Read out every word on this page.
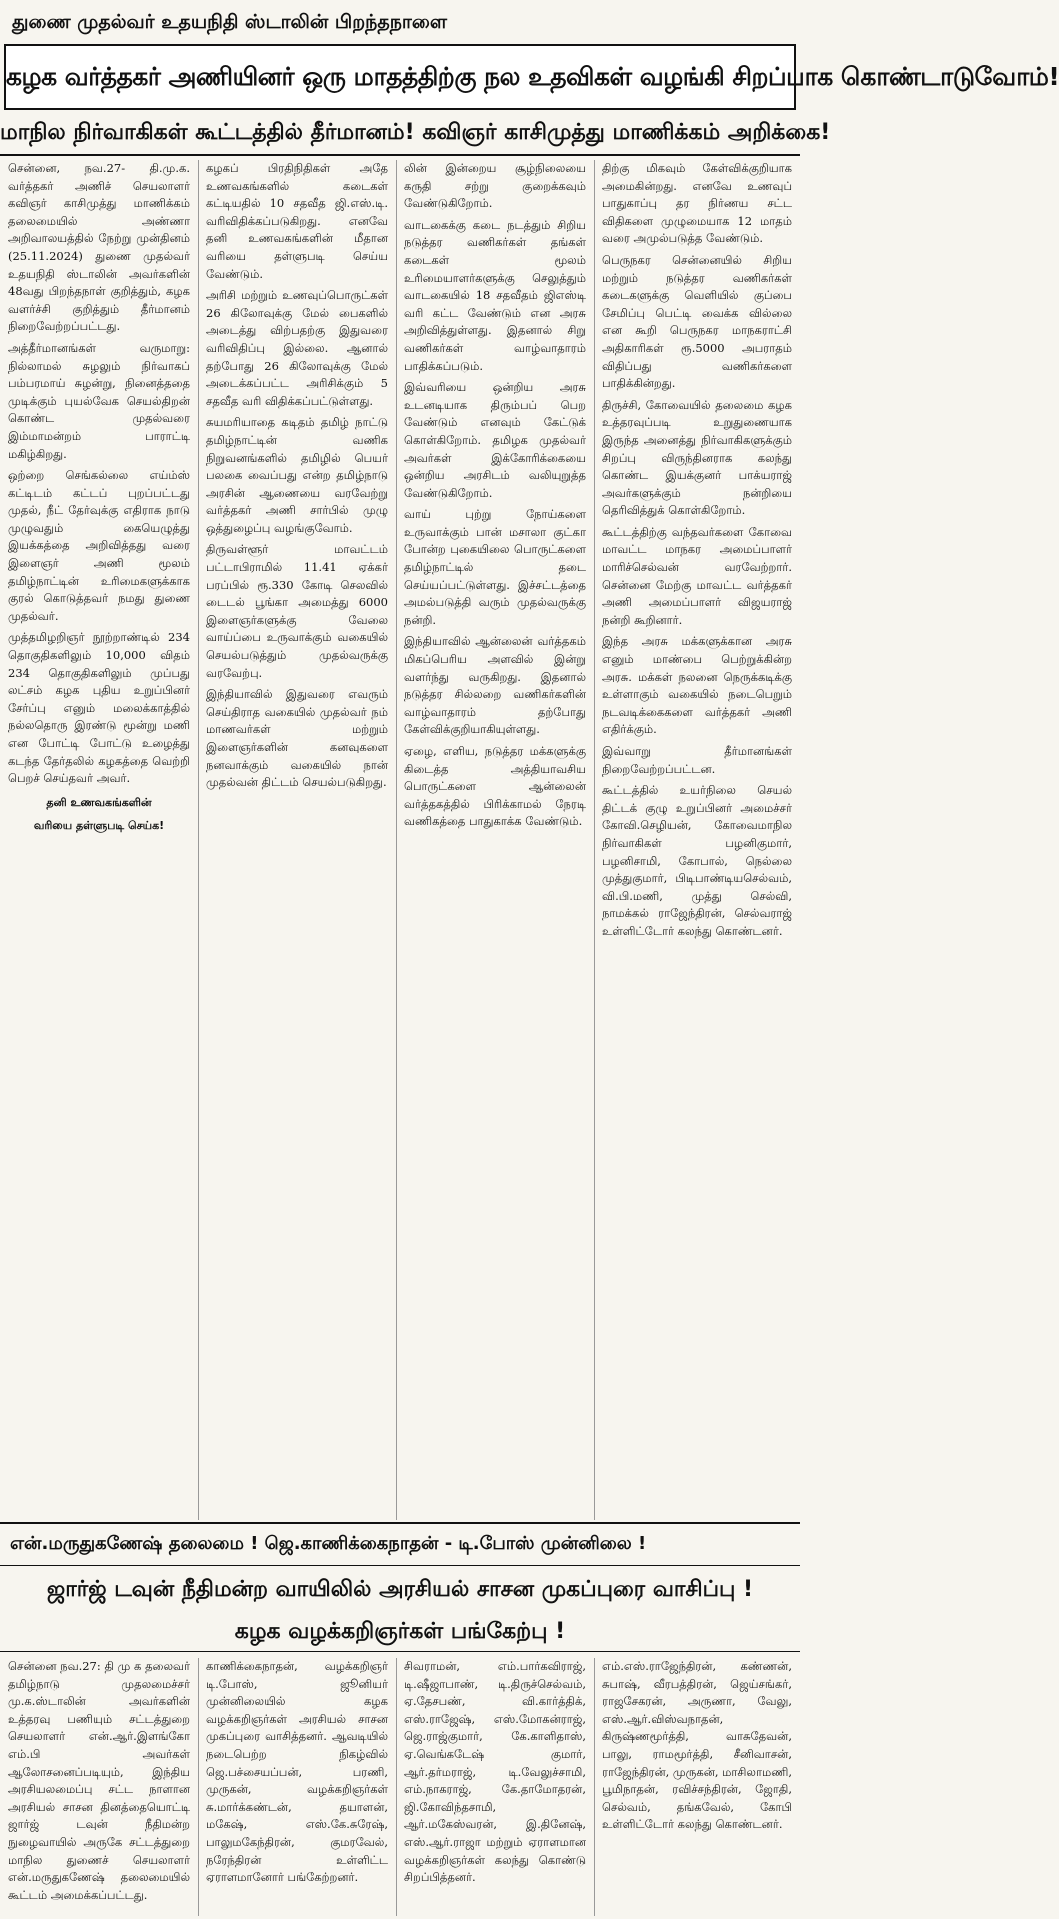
துணை முதல்வர் உதயநிதி ஸ்டாலின் பிறந்தநாளை
கழக வர்த்தகர் அணியினர் ஒரு மாதத்திற்கு நல உதவிகள் வழங்கி சிறப்பாக கொண்டாடுவோம்!
மாநில நிர்வாகிகள் கூட்டத்தில் தீர்மானம்! கவிஞர் காசிமுத்து மாணிக்கம் அறிக்கை!

சென்னை, நவ.27- தி.மு.க. வர்த்தகர் அணிச் செயலாளர் கவிஞர் காசிமுத்து மாணிக்கம் தலைமையில் அண்ணா அறிவாலயத்தில் நேற்று முன்தினம் (25.11.2024) துணை முதல்வர் உதயநிதி ஸ்டாலின் அவர்களின் 48வது பிறந்தநாள் குறித்தும், கழக வளர்ச்சி குறித்தும் தீர்மானம் நிறைவேற்றப்பட்டது.

அத்தீர்மானங்கள் வருமாறு: நில்லாமல் சுழலும் நிர்வாகப் பம்பரமாய் சுழன்று, நினைத்ததை முடிக்கும் புயல்வேக செயல்திறன் கொண்ட முதல்வரை இம்மாமன்றம் பாராட்டி மகிழ்கிறது.

ஒற்றை செங்கல்லை எய்ம்ஸ் கட்டிடம் கட்டப் புறப்பட்டது முதல், நீட் தேர்வுக்கு எதிராக நாடு முழுவதும் கையெழுத்து இயக்கத்தை அறிவித்தது வரை இளைஞர் அணி மூலம் தமிழ்நாட்டின் உரிமைகளுக்காக குரல் கொடுத்தவர் நமது துணை முதல்வர்.

முத்தமிழறிஞர் நூற்றாண்டில் 234 தொகுதிகளிலும் 10,000 விதம் 234 தொகுதிகளிலும் முப்பது லட்சம் கழக புதிய உறுப்பினர் சேர்ப்பு எனும் மலைக்காத்தில் நல்லதொரு இரண்டு மூன்று மணி என போட்டி போட்டு உழைத்து கடந்த தேர்தலில் கழகத்தை வெற்றி பெறச் செய்தவர் அவர்.

தனி உணவகங்களின்
வரியை தள்ளுபடி செய்க!

கழகப் பிரதிநிதிகள் அதே உணவகங்களில் கடைகள் கட்டியதில் 10 சதவீத ஜி.எஸ்.டி. வரிவிதிக்கப்படுகிறது. எனவே தனி உணவகங்களின் மீதான வரியை தள்ளுபடி செய்ய வேண்டும்.

அரிசி மற்றும் உணவுப்பொருட்கள் 26 கிலோவுக்கு மேல் பைகளில் அடைத்து விற்பதற்கு இதுவரை வரிவிதிப்பு இல்லை. ஆனால் தற்போது 26 கிலோவுக்கு மேல் அடைக்கப்பட்ட அரிசிக்கும் 5 சதவீத வரி விதிக்கப்பட்டுள்ளது.

சுயமரியாதை கடிதம் தமிழ் நாட்டு தமிழ்நாட்டின் வணிக நிறுவனங்களில் தமிழில் பெயர் பலகை வைப்பது என்ற தமிழ்நாடு அரசின் ஆணையை வரவேற்று வர்த்தகர் அணி சார்பில் முழு ஒத்துழைப்பு வழங்குவோம்.

திருவள்ளூர் மாவட்டம் பட்டாபிராமில் 11.41 ஏக்கர் பரப்பில் ரூ.330 கோடி செலவில் டைடல் பூங்கா அமைத்து 6000 இளைஞர்களுக்கு வேலை வாய்ப்பை உருவாக்கும் வகையில் செயல்படுத்தும் முதல்வருக்கு வரவேற்பு.

இந்தியாவில் இதுவரை எவரும் செய்திராத வகையில் முதல்வர் நம் மாணவர்கள் மற்றும் இளைஞர்களின் கனவுகளை நனவாக்கும் வகையில் நான் முதல்வன் திட்டம் செயல்படுகிறது.

லின் இன்றைய சூழ்நிலையை கருதி சற்று குறைக்கவும் வேண்டுகிறோம்.

வாடகைக்கு கடை நடத்தும் சிறிய நடுத்தர வணிகர்கள் தங்கள் கடைகள் மூலம் உரிமையாளர்களுக்கு செலுத்தும் வாடகையில் 18 சதவீதம் ஜிஎஸ்டி வரி கட்ட வேண்டும் என அரசு அறிவித்துள்ளது. இதனால் சிறு வணிகர்கள் வாழ்வாதாரம் பாதிக்கப்படும்.

இவ்வரியை ஒன்றிய அரசு உடனடியாக திரும்பப் பெற வேண்டும் எனவும் கேட்டுக் கொள்கிறோம். தமிழக முதல்வர் அவர்கள் இக்கோரிக்கையை ஒன்றிய அரசிடம் வலியுறுத்த வேண்டுகிறோம்.

வாய் புற்று நோய்களை உருவாக்கும் பான் மசாலா குட்கா போன்ற புகையிலை பொருட்களை தமிழ்நாட்டில் தடை செய்யப்பட்டுள்ளது. இச்சட்டத்தை அமல்படுத்தி வரும் முதல்வருக்கு நன்றி.

இந்தியாவில் ஆன்லைன் வர்த்தகம் மிகப்பெரிய அளவில் இன்று வளர்ந்து வருகிறது. இதனால் நடுத்தர சில்லறை வணிகர்களின் வாழ்வாதாரம் தற்போது கேள்விக்குறியாகியுள்ளது.

ஏழை, எளிய, நடுத்தர மக்களுக்கு கிடைத்த அத்தியாவசிய பொருட்களை ஆன்லைன் வர்த்தகத்தில் பிரிக்காமல் நேரடி வணிகத்தை பாதுகாக்க வேண்டும்.

திற்கு மிகவும் கேள்விக்குறியாக அமைகின்றது. எனவே உணவுப் பாதுகாப்பு தர நிர்ணய சட்ட விதிகளை முழுமையாக 12 மாதம் வரை அமுல்படுத்த வேண்டும்.

பெருநகர சென்னையில் சிறிய மற்றும் நடுத்தர வணிகர்கள் கடைகளுக்கு வெளியில் குப்பை சேமிப்பு பெட்டி வைக்க வில்லை என கூறி பெருநகர மாநகராட்சி அதிகாரிகள் ரூ.5000 அபராதம் விதிப்பது வணிகர்களை பாதிக்கின்றது.

திருச்சி, கோவையில் தலைமை கழக உத்தரவுப்படி உறுதுணையாக இருந்த அனைத்து நிர்வாகிகளுக்கும் சிறப்பு விருந்தினராக கலந்து கொண்ட இயக்குனர் பாக்யராஜ் அவர்களுக்கும் நன்றியை தெரிவித்துக் கொள்கிறோம்.

கூட்டத்திற்கு வந்தவர்களை கோவை மாவட்ட மாநகர அமைப்பாளர் மாரிச்செல்வன் வரவேற்றார். சென்னை மேற்கு மாவட்ட வர்த்தகர் அணி அமைப்பாளர் விஜயராஜ் நன்றி கூறினார்.

இந்த அரசு மக்களுக்கான அரசு எனும் மாண்பை பெற்றுக்கின்ற அரசு. மக்கள் நலனை நெருக்கடிக்கு உள்ளாகும் வகையில் நடைபெறும் நடவடிக்கைகளை வர்த்தகர் அணி எதிர்க்கும்.

இவ்வாறு தீர்மானங்கள் நிறைவேற்றப்பட்டன.

கூட்டத்தில் உயர்நிலை செயல் திட்டக் குழு உறுப்பினர் அமைச்சர் கோவி.செழியன், கோவைமாநில நிர்வாகிகள் பழனிகுமார், பழனிசாமி, கோபால், நெல்லை முத்துகுமார், பிடிபாண்டியசெல்வம், வி.பி.மணி, முத்து செல்வி, நாமக்கல் ராஜேந்திரன், செல்வராஜ் உள்ளிட்டோர் கலந்து கொண்டனர்.

என்.மருதுகணேஷ் தலைமை ! ஜெ.காணிக்கைநாதன் - டி.போஸ் முன்னிலை !
ஜார்ஜ் டவுன் நீதிமன்ற வாயிலில் அரசியல் சாசன முகப்புரை வாசிப்பு !
கழக வழக்கறிஞர்கள் பங்கேற்பு !
சென்னை நவ.27: தி மு க தலைவர் தமிழ்நாடு முதலமைச்சர் மு.க.ஸ்டாலின் அவர்களின் உத்தரவு பணியும் சட்டத்துறை செயலாளர் என்.ஆர்.இளங்கோ எம்.பி அவர்கள் ஆலோசனைப்படியும், இந்திய அரசியலமைப்பு சட்ட நாளான அரசியல் சாசன தினத்தையொட்டி ஜார்ஜ் டவுன் நீதிமன்ற நுழைவாயில் அருகே சட்டத்துறை மாநில துணைச் செயலாளர் என்.மருதுகணேஷ் தலைமையில் கூட்டம் அமைக்கப்பட்டது.
காணிக்கைநாதன், வழக்கறிஞர் டி.போஸ், ஜூனியர் முன்னிலையில் கழக வழக்கறிஞர்கள் அரசியல் சாசன முகப்புரை வாசித்தனர். ஆவடியில் நடைபெற்ற நிகழ்வில் ஜெ.பச்சையப்பன், பரணி, முருகன், வழக்கறிஞர்கள் சு.மார்க்கண்டன், தயாளன், மகேஷ், எஸ்.கே.சுரேஷ், பாலுமகேந்திரன், குமரவேல், நரேந்திரன் உள்ளிட்ட ஏராளமானோர் பங்கேற்றனர்.
சிவராமன், எம்.பார்கவிராஜ், டி.ஷீஜாபாண், டி.திருச்செல்வம், ஏ.தேசபண், வி.கார்த்திக், எஸ்.ராஜேஷ், எஸ்.மோகன்ராஜ், ஜெ.ராஜ்குமார், கே.காளிதாஸ், ஏ.வெங்கடேஷ் குமார், ஆர்.தர்மராஜ், டி.வேலுச்சாமி, எம்.நாகராஜ், கே.தாமோதரன், ஜி.கோவிந்தசாமி, ஆர்.மகேஸ்வரன், இ.தினேஷ், எஸ்.ஆர்.ராஜா மற்றும் ஏராளமான வழக்கறிஞர்கள் கலந்து கொண்டு சிறப்பித்தனர்.
எம்.எஸ்.ராஜேந்திரன், கண்ணன், சுபாஷ், வீரபத்திரன், ஜெய்சங்கர், ராஜசேகரன், அருணா, வேலு, எஸ்.ஆர்.விஸ்வநாதன், கிருஷ்ணமூர்த்தி, வாசுதேவன், பாலு, ராமமூர்த்தி, சீனிவாசன், ராஜேந்திரன், முருகன், மாசிலாமணி, பூமிநாதன், ரவிச்சந்திரன், ஜோதி, செல்வம், தங்கவேல், கோபி உள்ளிட்டோர் கலந்து கொண்டனர்.
